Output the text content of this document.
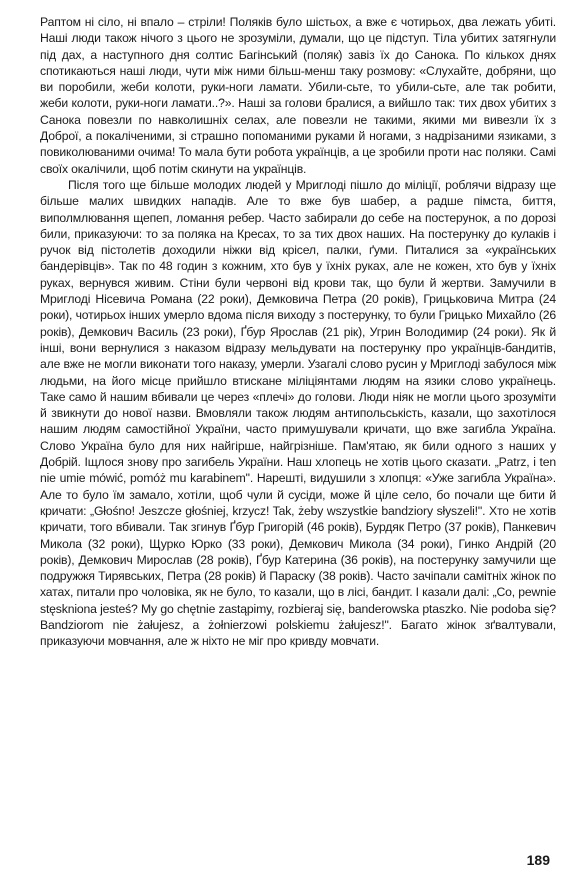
Раптом ні сіло, ні впало – стріли! Поляків було шістьох, а вже є чотирьох, два лежать убиті. Наші люди також нічого з цього не зрозуміли, думали, що це підступ. Тіла убитих затягнули під дах, а наступного дня солтис Багінський (поляк) завіз їх до Санока. По кількох днях спотикаються наші люди, чути між ними більш-менш таку розмову: «Слухайте, добряни, що ви поробили, жеби колоти, руки-ноги ламати. Убили-сьте, то убили-сьте, але так робити, жеби колоти, руки-ноги ламати..?». Наші за голови бралися, а вийшло так: тих двох убитих з Санока повезли по навколишніх селах, але повезли не такими, якими ми вивезли їх з Доброї, а покаліченими, зі страшно попоманими руками й ногами, з надрізаними язиками, з повиколюваними очима! То мала бути робота українців, а це зробили проти нас поляки. Самі своїх окалічили, щоб потім скинути на українців.

Після того ще більше молодих людей у Мриглоді пішло до міліції, роблячи відразу ще більше малих швидких нападів. Але то вже був шабер, а радше пімста, биття, виполмлювання щепеп, ломання ребер. Часто забирали до себе на постерунок, а по дорозі били, приказуючи: то за поляка на Кресах, то за тих двох наших. На постерунку до кулаків і ручок від пістолетів доходили ніжки від крісел, палки, ґуми. Питалися за «українських бандерівців». Так по 48 годин з кожним, хто був у їхніх руках, але не кожен, хто був у їхніх руках, вернувся живим. Стіни були червоні від крови так, що були й жертви. Замучили в Мриглоді Нісевича Романа (22 роки), Демковича Петра (20 років), Грицьковича Митра (24 роки), чотирьох інших умерло вдома після виходу з постерунку, то були Грицько Михайло (26 років), Демкович Василь (23 роки), Ґбур Ярослав (21 рік), Угрин Володимир (24 роки). Як й інші, вони вернулися з наказом відразу мельдувати на постерунку про українців-бандитів, але вже не могли виконати того наказу, умерли. Узагалі слово русин у Мриглоді забулося між людьми, на його місце прийшло втискане міліціянтами людям на язики слово українець. Таке само й нашим вбивали це через «плечі» до голови. Люди ніяк не могли цього зрозуміти й звикнути до нової назви. Вмовляли також людям антипольськість, казали, що захотілося нашим людям самостійної України, часто примушували кричати, що вже загибла Україна. Слово Україна було для них найгірше, найгрізніше. Пам'ятаю, як били одного з наших у Добрій. Іщлося знову про загибель України. Наш хлопець не хотів цього сказати. „Patrz, i ten nie umie mówić, pomóż mu karabinem". Нарешті, видушили з хлопця: «Уже загибла Україна». Але то було їм замало, хотіли, щоб чули й сусіди, може й ціле село, бо почали ще бити й кричати: „Głośno! Jeszcze głośniej, krzycz! Tak, żeby wszystkie bandziory słyszeli!". Хто не хотів кричати, того вбивали. Так згинув Ґбур Григорій (46 років), Бурдяк Петро (37 років), Панкевич Микола (32 роки), Щурко Юрко (33 роки), Демкович Микола (34 роки), Гинко Андрій (20 років), Демкович Мирослав (28 років), Ґбур Катерина (36 років), на постерунку замучили ще подружжя Тирявських, Петра (28 років) й Параску (38 років). Часто зачіпали самітніх жінок по хатах, питали про чоловіка, як не було, то казали, що в лісі, бандит. І казали далі: „Co, pewnie stęskniona jesteś? My go chętnie zastąpimy, rozbieraj się, banderowska ptaszko. Nie podoba się? Bandziorom nie żałujesz, a żołnierzowi polskiemu żałujesz!". Багато жінок зґвалтували, приказуючи мовчання, але ж ніхто не міг про кривду мовчати.

189
